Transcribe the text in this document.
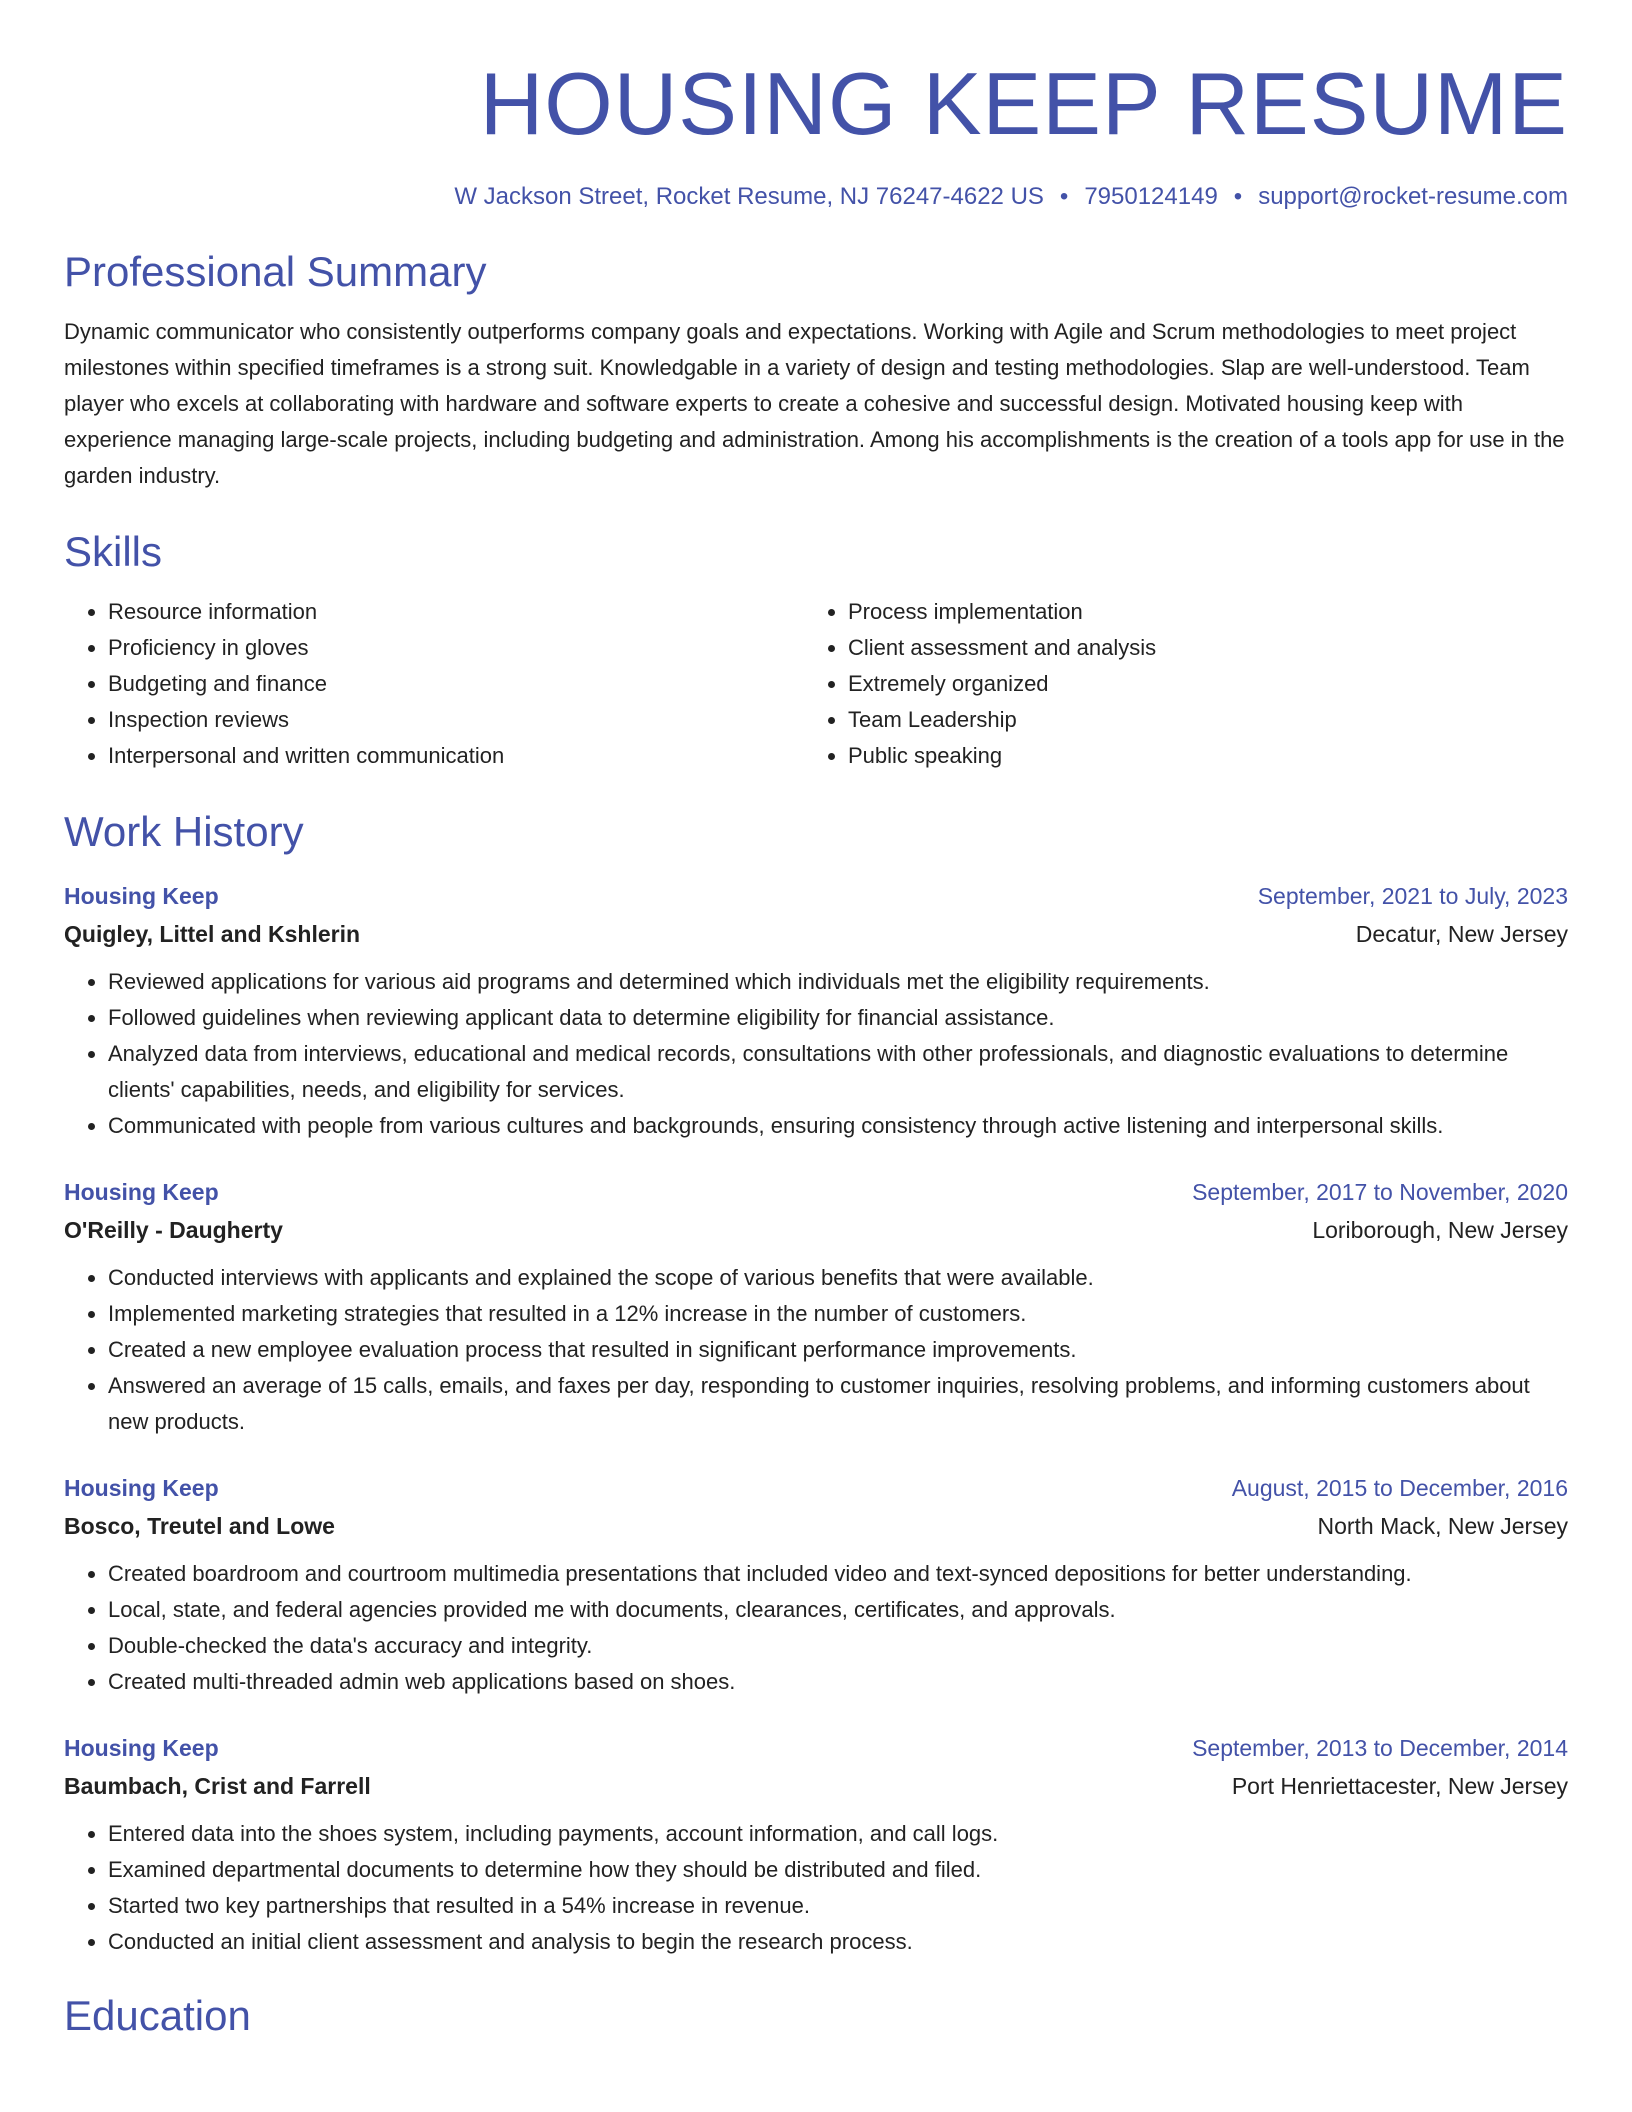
HOUSING KEEP RESUME
W Jackson Street, Rocket Resume, NJ 76247-4622 US • 7950124149 • support@rocket-resume.com
Professional Summary

Dynamic communicator who consistently outperforms company goals and expectations. Working with Agile and Scrum methodologies to meet project milestones within specified timeframes is a strong suit. Knowledgable in a variety of design and testing methodologies. Slap are well-understood. Team player who excels at collaborating with hardware and software experts to create a cohesive and successful design. Motivated housing keep with experience managing large-scale projects, including budgeting and administration. Among his accomplishments is the creation of a tools app for use in the garden industry.

Skills
• Resource information
• Proficiency in gloves
• Budgeting and finance
• Inspection reviews
• Interpersonal and written communication
• Process implementation
• Client assessment and analysis
• Extremely organized
• Team Leadership
• Public speaking
Work History
Housing Keep	September, 2021 to July, 2023
Quigley, Littel and Kshlerin	Decatur, New Jersey
• Reviewed applications for various aid programs and determined which individuals met the eligibility requirements.
• Followed guidelines when reviewing applicant data to determine eligibility for financial assistance.
• Analyzed data from interviews, educational and medical records, consultations with other professionals, and diagnostic evaluations to determine clients' capabilities, needs, and eligibility for services.
• Communicated with people from various cultures and backgrounds, ensuring consistency through active listening and interpersonal skills.
Housing Keep	September, 2017 to November, 2020
O'Reilly - Daugherty	Loriborough, New Jersey
• Conducted interviews with applicants and explained the scope of various benefits that were available.
• Implemented marketing strategies that resulted in a 12% increase in the number of customers.
• Created a new employee evaluation process that resulted in significant performance improvements.
• Answered an average of 15 calls, emails, and faxes per day, responding to customer inquiries, resolving problems, and informing customers about new products.
Housing Keep	August, 2015 to December, 2016
Bosco, Treutel and Lowe	North Mack, New Jersey
• Created boardroom and courtroom multimedia presentations that included video and text-synced depositions for better understanding.
• Local, state, and federal agencies provided me with documents, clearances, certificates, and approvals.
• Double-checked the data's accuracy and integrity.
• Created multi-threaded admin web applications based on shoes.
Housing Keep	September, 2013 to December, 2014
Baumbach, Crist and Farrell	Port Henriettacester, New Jersey
• Entered data into the shoes system, including payments, account information, and call logs.
• Examined departmental documents to determine how they should be distributed and filed.
• Started two key partnerships that resulted in a 54% increase in revenue.
• Conducted an initial client assessment and analysis to begin the research process.
Education
